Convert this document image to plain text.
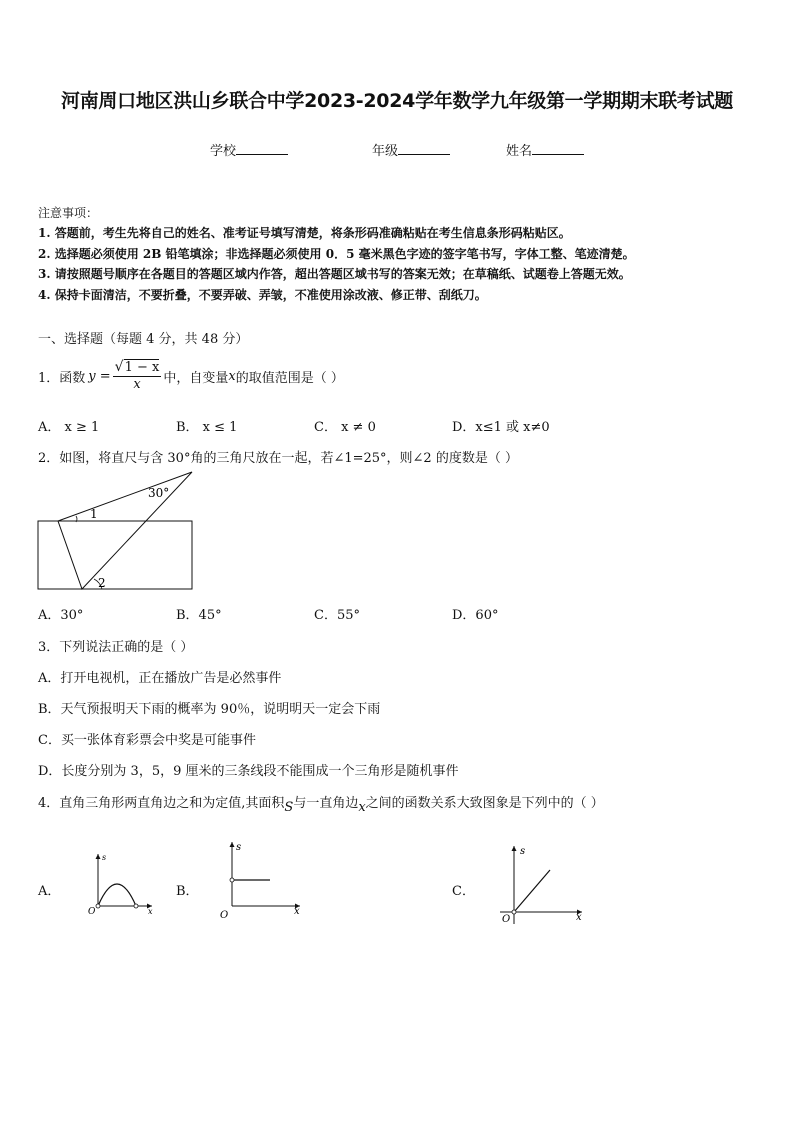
河南周口地区洪山乡联合中学2023-2024学年数学九年级第一学期期末联考试题
学校	年级	姓名
注意事项：
1. 答题前，考生先将自己的姓名、准考证号填写清楚，将条形码准确粘贴在考生信息条形码粘贴区。
2. 选择题必须使用 2B 铅笔填涂；非选择题必须使用 0．5 毫米黑色字迹的签字笔书写，字体工整、笔迹清楚。
3. 请按照题号顺序在各题目的答题区域内作答，超出答题区域书写的答案无效；在草稿纸、试题卷上答题无效。
4. 保持卡面清洁，不要折叠，不要弄破、弄皱，不准使用涂改液、修正带、刮纸刀。
一、选择题（每题 4 分，共 48 分）
1．函数 $y = \frac{√1 - x}{x}$ 中，自变量 x 的取值范围是（ ）
A． x ≥ 1	B． x ≤ 1	C． x ≠ 0	D．x≤1 或 x≠0
2．如图，将直尺与含 30°角的三角尺放在一起，若∠1=25°，则∠2 的度数是（ ）
30°
1
2
A．30°	B．45°	C．55°	D．60°
3．下列说法正确的是（ ）
A．打开电视机，正在播放广告是必然事件
B．天气预报明天下雨的概率为 90％，说明明天一定会下雨
C．买一张体育彩票会中奖是可能事件
D．长度分别为 3，5，9 厘米的三条线段不能围成一个三角形是随机事件
4．直角三角形两直角边之和为定值,其面积S与一直角边x之间的函数关系大致图象是下列中的（ ）
A．
s
x
O
B．
s
x
O
C．
s
x
O
